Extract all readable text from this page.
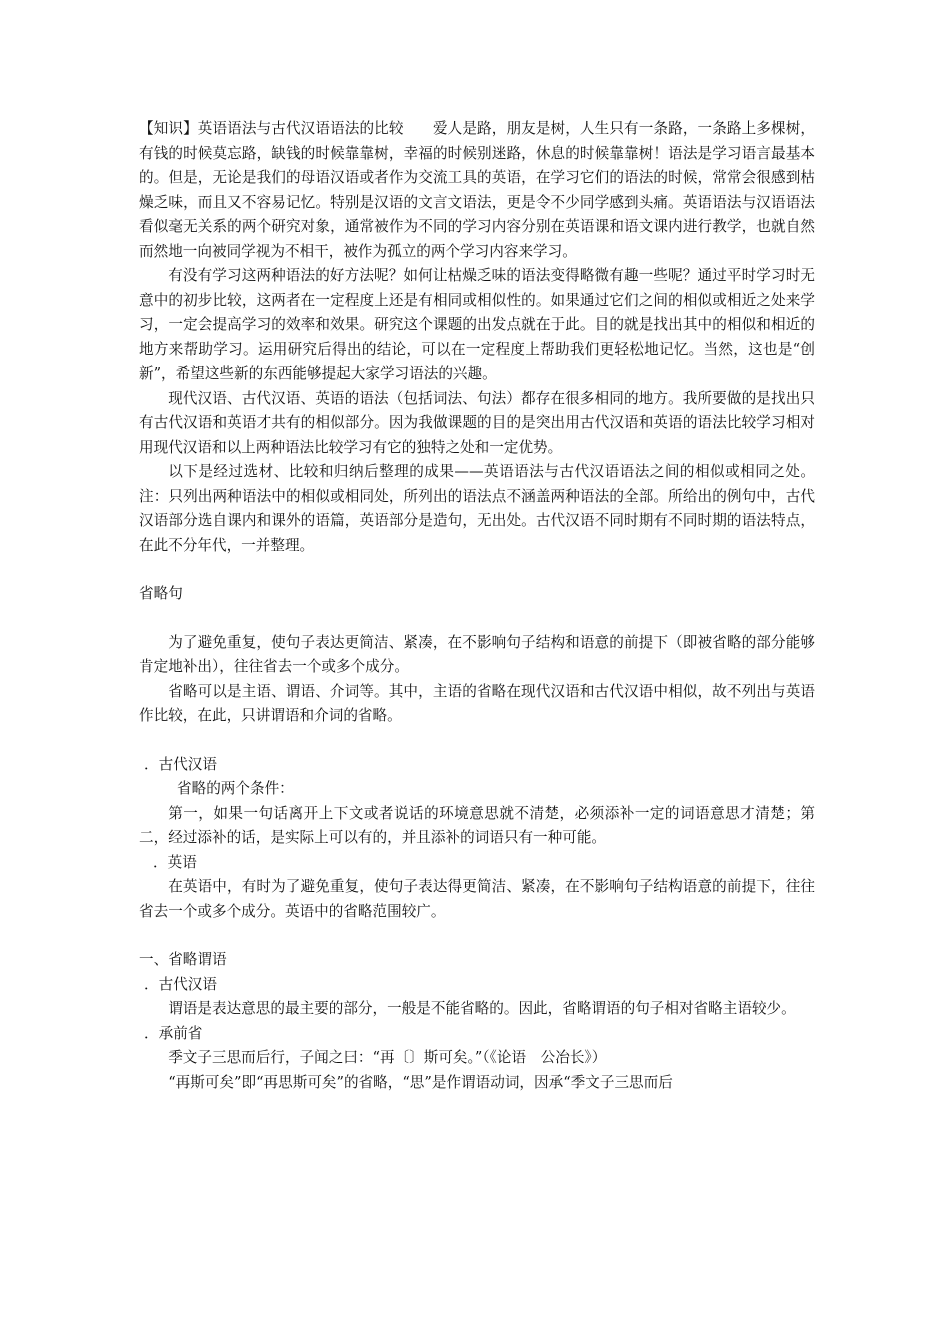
【知识】英语语法与古代汉语语法的比较　　爱人是路，朋友是树，人生只有一条路，一条路上多棵树，有钱的时候莫忘路，缺钱的时候靠靠树，幸福的时候别迷路，休息的时候靠靠树！语法是学习语言最基本的。但是，无论是我们的母语汉语或者作为交流工具的英语，在学习它们的语法的时候，常常会很感到枯燥乏味，而且又不容易记忆。特别是汉语的文言文语法，更是令不少同学感到头痛。英语语法与汉语语法看似毫无关系的两个研究对象，通常被作为不同的学习内容分别在英语课和语文课内进行教学，也就自然而然地一向被同学视为不相干，被作为孤立的两个学习内容来学习。

有没有学习这两种语法的好方法呢？如何让枯燥乏味的语法变得略微有趣一些呢？通过平时学习时无意中的初步比较，这两者在一定程度上还是有相同或相似性的。如果通过它们之间的相似或相近之处来学习，一定会提高学习的效率和效果。研究这个课题的出发点就在于此。目的就是找出其中的相似和相近的地方来帮助学习。运用研究后得出的结论，可以在一定程度上帮助我们更轻松地记忆。当然，这也是“创新”，希望这些新的东西能够提起大家学习语法的兴趣。

现代汉语、古代汉语、英语的语法（包括词法、句法）都存在很多相同的地方。我所要做的是找出只有古代汉语和英语才共有的相似部分。因为我做课题的目的是突出用古代汉语和英语的语法比较学习相对用现代汉语和以上两种语法比较学习有它的独特之处和一定优势。

以下是经过选材、比较和归纳后整理的成果——英语语法与古代汉语语法之间的相似或相同之处。注：只列出两种语法中的相似或相同处，所列出的语法点不涵盖两种语法的全部。所给出的例句中，古代汉语部分选自课内和课外的语篇，英语部分是造句，无出处。古代汉语不同时期有不同时期的语法特点，在此不分年代，一并整理。

省略句

为了避免重复，使句子表达更简洁、紧凑，在不影响句子结构和语意的前提下（即被省略的部分能够肯定地补出），往往省去一个或多个成分。

省略可以是主语、谓语、介词等。其中，主语的省略在现代汉语和古代汉语中相似，故不列出与英语作比较，在此，只讲谓语和介词的省略。

．古代汉语

省略的两个条件：

第一，如果一句话离开上下文或者说话的环境意思就不清楚，必须添补一定的词语意思才清楚；第二，经过添补的话，是实际上可以有的，并且添补的词语只有一种可能。

．英语

在英语中，有时为了避免重复，使句子表达得更简洁、紧凑，在不影响句子结构语意的前提下，往往省去一个或多个成分。英语中的省略范围较广。

一、省略谓语

．古代汉语

谓语是表达意思的最主要的部分，一般是不能省略的。因此，省略谓语的句子相对省略主语较少。

．承前省

季文子三思而后行，子闻之曰：“再〔〕斯可矣。”（《论语　公冶长》）

“再斯可矣”即“再思斯可矣”的省略，“思”是作谓语动词，因承“季文子三思而后
